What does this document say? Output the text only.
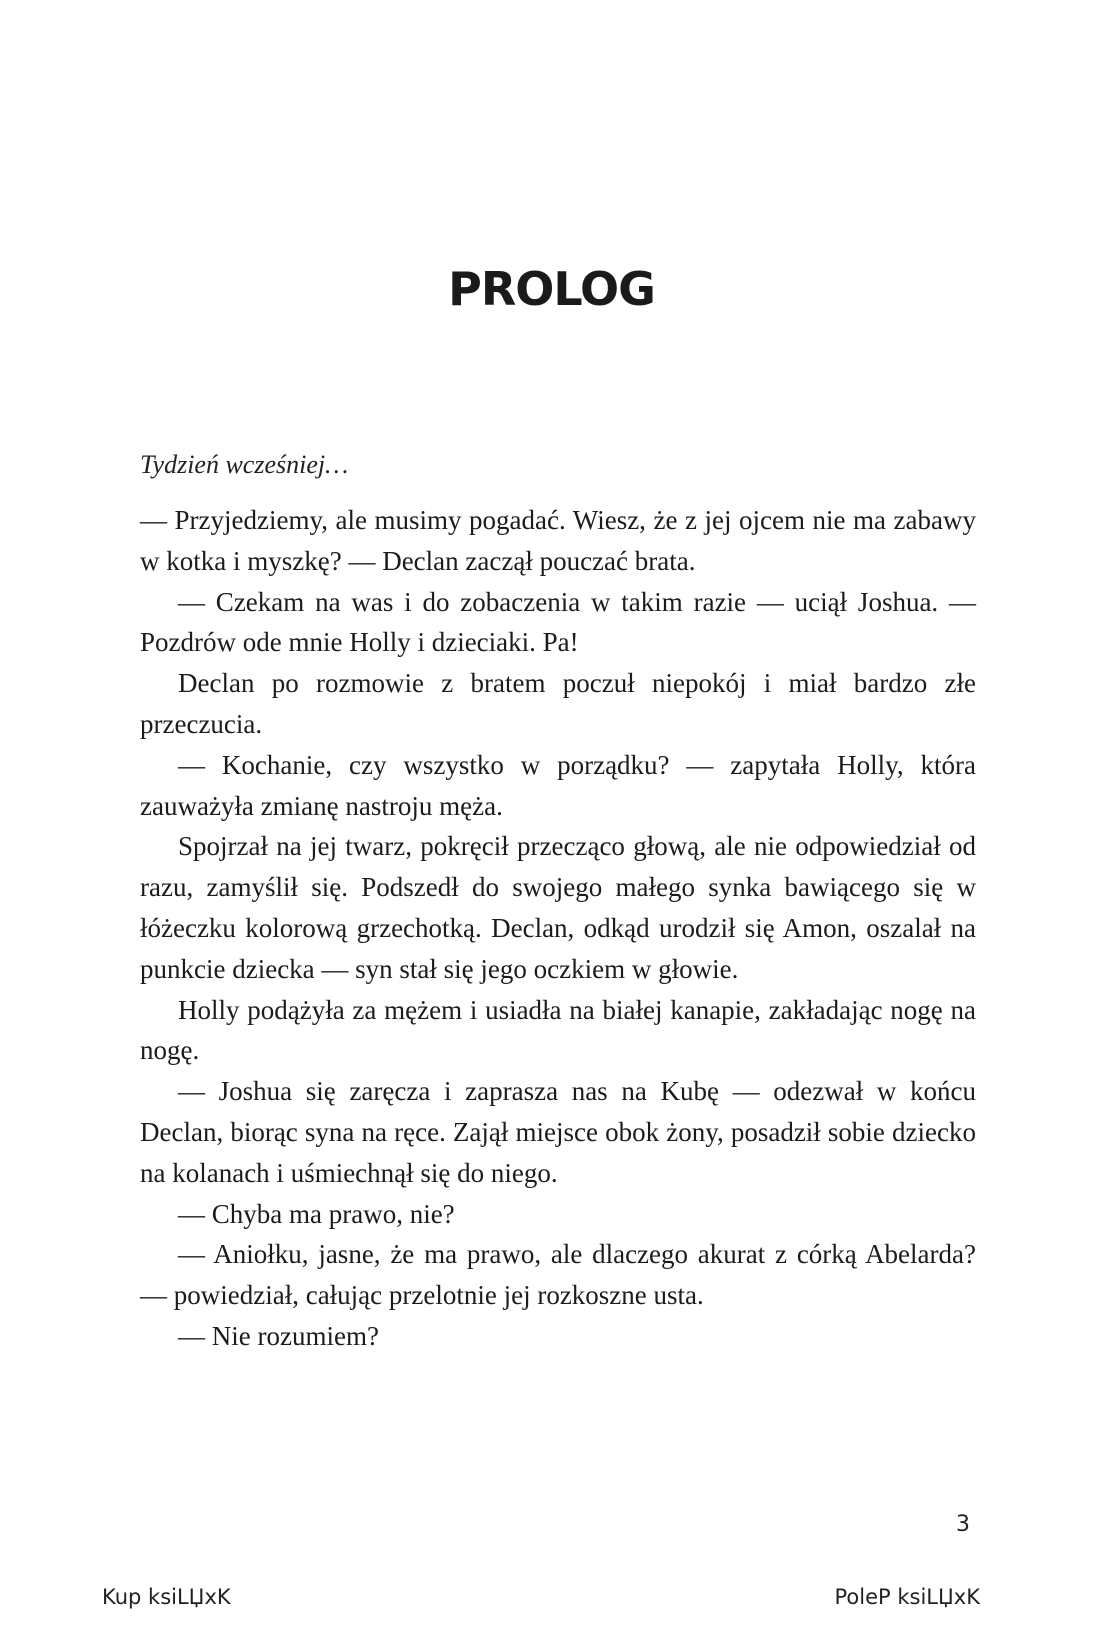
PROLOG

Tydzień wcześniej…

— Przyjedziemy, ale musimy pogadać. Wiesz, że z jej ojcem nie ma zabawy w kotka i myszkę? — Declan zaczął pouczać brata.

— Czekam na was i do zobaczenia w takim razie — uciął Joshua. — Pozdrów ode mnie Holly i dzieciaki. Pa!

Declan po rozmowie z bratem poczuł niepokój i miał bardzo złe przeczucia.

— Kochanie, czy wszystko w porządku? — zapytała Holly, która zauważyła zmianę nastroju męża.

Spojrzał na jej twarz, pokręcił przecząco głową, ale nie odpowiedział od razu, zamyślił się. Podszedł do swojego małego synka bawiącego się w łóżeczku kolorową grzechotką. Declan, odkąd urodził się Amon, oszalał na punkcie dziecka — syn stał się jego oczkiem w głowie.

Holly podążyła za mężem i usiadła na białej kanapie, zakładając nogę na nogę.

— Joshua się zaręcza i zaprasza nas na Kubę — odezwał w końcu Declan, biorąc syna na ręce. Zajął miejsce obok żony, posadził sobie dziecko na kolanach i uśmiechnął się do niego.

— Chyba ma prawo, nie?

— Aniołku, jasne, że ma prawo, ale dlaczego akurat z córką Abelarda? — powiedział, całując przelotnie jej rozkoszne usta.

— Nie rozumiem?

3
Kup ksiLЏxK	PoleP ksiLЏxK
